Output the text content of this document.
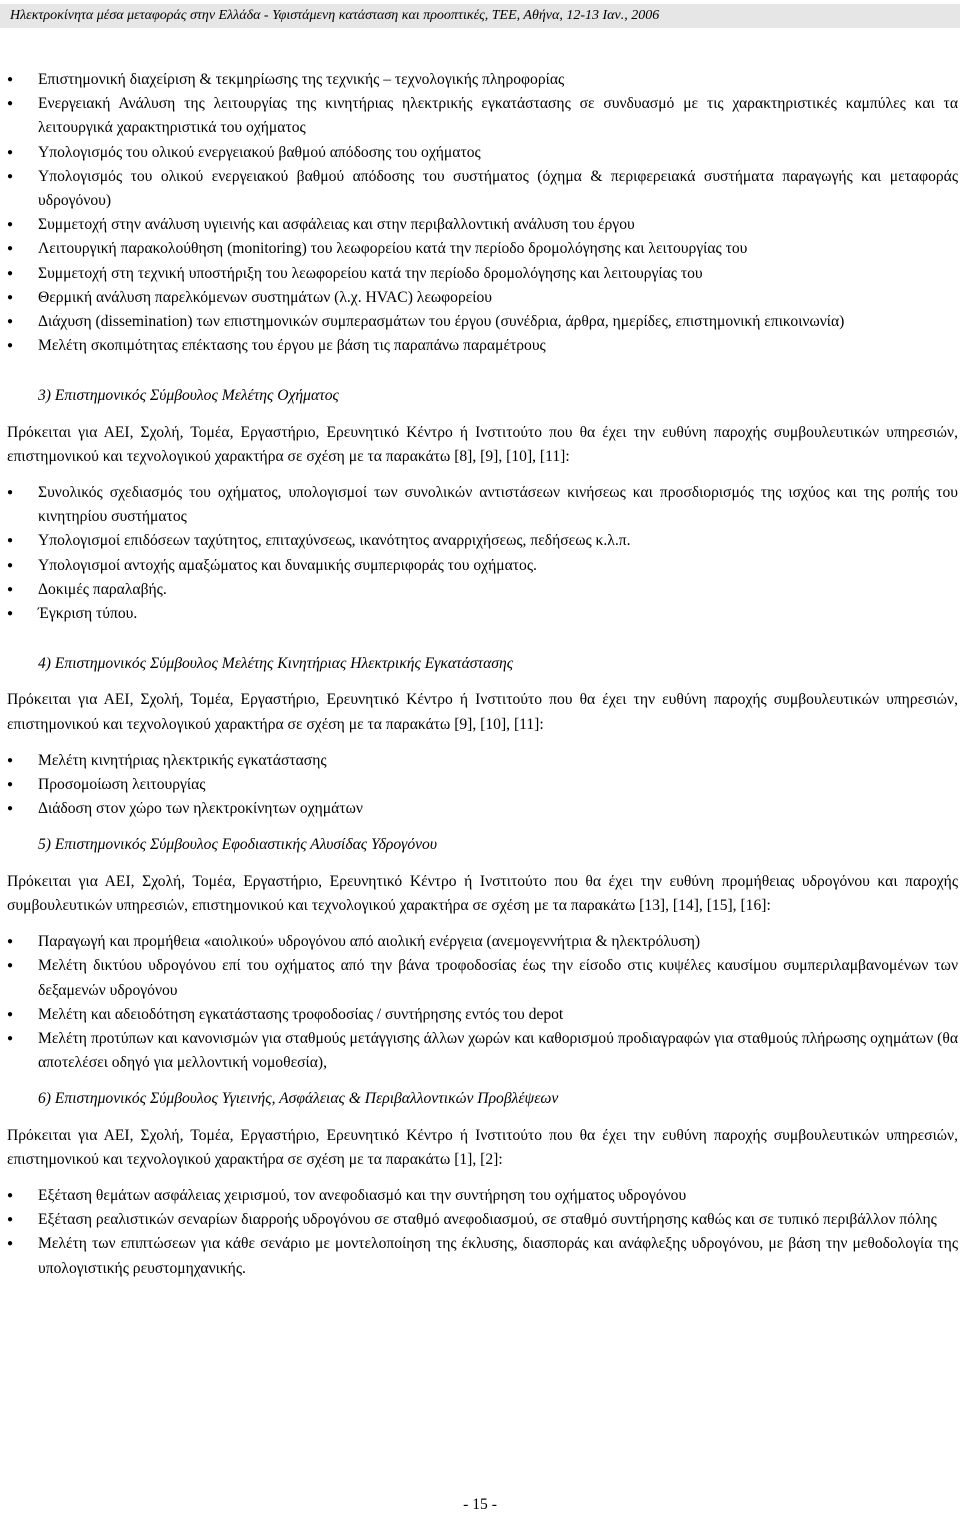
Ηλεκτροκίνητα μέσα μεταφοράς στην Ελλάδα - Υφιστάμενη κατάσταση και προοπτικές, ΤΕΕ, Αθήνα, 12-13 Ιαν., 2006
● Επιστημονική διαχείριση & τεκμηρίωσης της τεχνικής – τεχνολογικής πληροφορίας
● Ενεργειακή Ανάλυση της λειτουργίας της κινητήριας ηλεκτρικής εγκατάστασης σε συνδυασμό με τις χαρακτηριστικές καμπύλες και τα λειτουργικά χαρακτηριστικά του οχήματος
● Υπολογισμός του ολικού ενεργειακού βαθμού απόδοσης του οχήματος
● Υπολογισμός του ολικού ενεργειακού βαθμού απόδοσης του συστήματος (όχημα & περιφερειακά συστήματα παραγωγής και μεταφοράς υδρογόνου)
● Συμμετοχή στην ανάλυση υγιεινής και ασφάλειας και στην περιβαλλοντική ανάλυση του έργου
● Λειτουργική παρακολούθηση (monitoring) του λεωφορείου κατά την περίοδο δρομολόγησης και λειτουργίας του
● Συμμετοχή στη τεχνική υποστήριξη του λεωφορείου κατά την περίοδο δρομολόγησης και λειτουργίας του
● Θερμική ανάλυση παρελκόμενων συστημάτων (λ.χ. HVAC) λεωφορείου
● Διάχυση (dissemination) των επιστημονικών συμπερασμάτων του έργου (συνέδρια, άρθρα, ημερίδες, επιστημονική επικοινωνία)
● Μελέτη σκοπιμότητας επέκτασης του έργου με βάση τις παραπάνω παραμέτρους
3) Επιστημονικός Σύμβουλος Μελέτης Οχήματος
Πρόκειται για ΑΕΙ, Σχολή, Τομέα, Εργαστήριο, Ερευνητικό Κέντρο ή Ινστιτούτο που θα έχει την ευθύνη παροχής συμβουλευτικών υπηρεσιών, επιστημονικού και τεχνολογικού χαρακτήρα σε σχέση με τα παρακάτω [8], [9], [10], [11]:
● Συνολικός σχεδιασμός του οχήματος, υπολογισμοί των συνολικών αντιστάσεων κινήσεως και προσδιορισμός της ισχύος και της ροπής του κινητηρίου συστήματος
● Υπολογισμοί επιδόσεων ταχύτητος, επιταχύνσεως, ικανότητος αναρριχήσεως, πεδήσεως κ.λ.π.
● Υπολογισμοί αντοχής αμαξώματος και δυναμικής συμπεριφοράς του οχήματος.
● Δοκιμές παραλαβής.
● Έγκριση τύπου.
4) Επιστημονικός Σύμβουλος Μελέτης Κινητήριας Ηλεκτρικής Εγκατάστασης
Πρόκειται για ΑΕΙ, Σχολή, Τομέα, Εργαστήριο, Ερευνητικό Κέντρο ή Ινστιτούτο που θα έχει την ευθύνη παροχής συμβουλευτικών υπηρεσιών, επιστημονικού και τεχνολογικού χαρακτήρα σε σχέση με τα παρακάτω [9], [10], [11]:
● Μελέτη κινητήριας ηλεκτρικής εγκατάστασης
● Προσομοίωση λειτουργίας
● Διάδοση στον χώρο των ηλεκτροκίνητων οχημάτων
5) Επιστημονικός Σύμβουλος Εφοδιαστικής Αλυσίδας Υδρογόνου
Πρόκειται για ΑΕΙ, Σχολή, Τομέα, Εργαστήριο, Ερευνητικό Κέντρο ή Ινστιτούτο που θα έχει την ευθύνη προμήθειας υδρογόνου και παροχής συμβουλευτικών υπηρεσιών, επιστημονικού και τεχνολογικού χαρακτήρα σε σχέση με τα παρακάτω [13], [14], [15], [16]:
● Παραγωγή και προμήθεια «αιολικού» υδρογόνου από αιολική ενέργεια (ανεμογεννήτρια & ηλεκτρόλυση)
● Μελέτη δικτύου υδρογόνου επί του οχήματος από την βάνα τροφοδοσίας έως την είσοδο στις κυψέλες καυσίμου συμπεριλαμβανομένων των δεξαμενών υδρογόνου
● Μελέτη και αδειοδότηση εγκατάστασης τροφοδοσίας / συντήρησης εντός του depot
● Μελέτη προτύπων και κανονισμών για σταθμούς μετάγγισης άλλων χωρών και καθορισμού προδιαγραφών για σταθμούς πλήρωσης οχημάτων (θα αποτελέσει οδηγό για μελλοντική νομοθεσία),
6) Επιστημονικός Σύμβουλος Υγιεινής, Ασφάλειας & Περιβαλλοντικών Προβλέψεων
Πρόκειται για ΑΕΙ, Σχολή, Τομέα, Εργαστήριο, Ερευνητικό Κέντρο ή Ινστιτούτο που θα έχει την ευθύνη παροχής συμβουλευτικών υπηρεσιών, επιστημονικού και τεχνολογικού χαρακτήρα σε σχέση με τα παρακάτω [1], [2]:
● Εξέταση θεμάτων ασφάλειας χειρισμού, τον ανεφοδιασμό και την συντήρηση του οχήματος υδρογόνου
● Εξέταση ρεαλιστικών σεναρίων διαρροής υδρογόνου σε σταθμό ανεφοδιασμού, σε σταθμό συντήρησης καθώς και σε τυπικό περιβάλλον πόλης
● Μελέτη των επιπτώσεων για κάθε σενάριο με μοντελοποίηση της έκλυσης, διασποράς και ανάφλεξης υδρογόνου, με βάση την μεθοδολογία της υπολογιστικής ρευστομηχανικής.
- 15 -
